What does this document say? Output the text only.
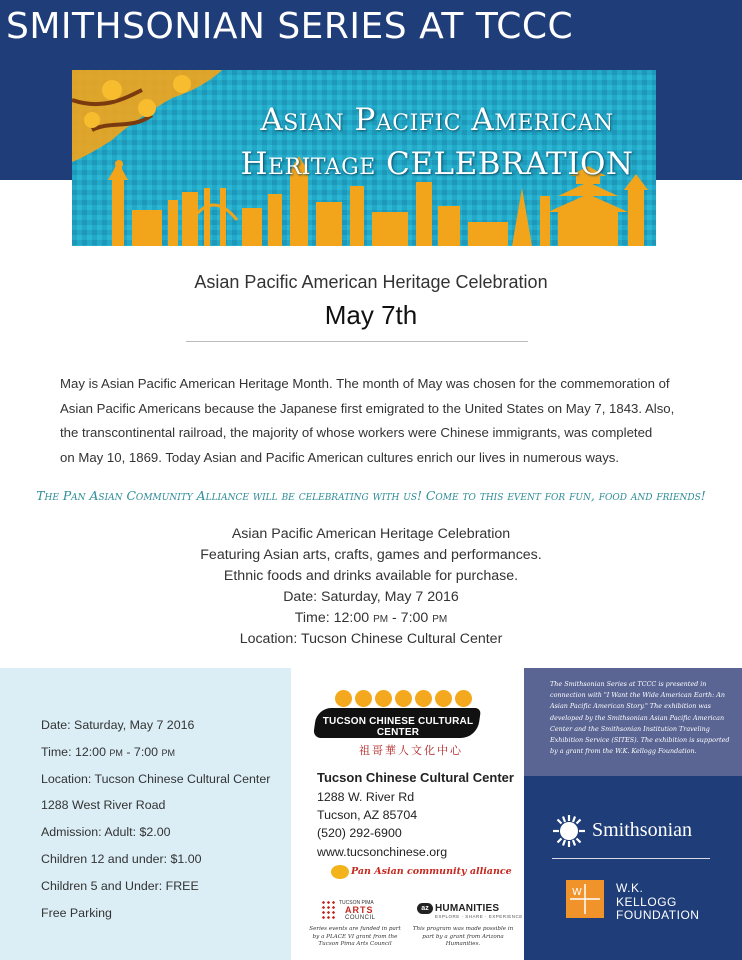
SMITHSONIAN SERIES AT TCCC
Asian Pacific American
Heritage CELEBRATION
Asian Pacific American Heritage Celebration
May 7th
May is Asian Pacific American Heritage Month. The month of May was chosen for the commemoration of
Asian Pacific Americans because the Japanese first emigrated to the United States on May 7, 1843. Also,
the transcontinental railroad, the majority of whose workers were Chinese immigrants, was completed
on May 10, 1869. Today Asian and Pacific American cultures enrich our lives in numerous ways.
The Pan Asian Community Alliance will be celebrating with us! Come to this event for fun, food and friends!
Asian Pacific American Heritage Celebration
Featuring Asian arts, crafts, games and performances.
Ethnic foods and drinks available for purchase.
Date: Saturday, May 7 2016
Time: 12:00 pm - 7:00 pm
Location: Tucson Chinese Cultural Center
Date: Saturday, May 7 2016
Time: 12:00 pm - 7:00 pm
Location: Tucson Chinese Cultural Center
1288 West River Road
Admission: Adult: $2.00
Children 12 and under: $1.00
Children 5 and Under: FREE
Free Parking
TUCSON CHINESE CULTURAL CENTER
祖哥華人文化中心
Tucson Chinese Cultural Center
1288 W. River Rd
Tucson, AZ 85704
(520) 292-6900
www.tucsonchinese.org
Pan Asian community alliance
TUCSON PIMA
ARTS
COUNCIL
az HUMANITIES
EXPLORE · SHARE · EXPERIENCE
Series events are funded in part by a PLACE VI grant from the Tucson Pima Arts Council
This program was made possible in part by a grant from Arizona Humanities.
The Smithsonian Series at TCCC is presented in connection with "I Want the Wide American Earth: An Asian Pacific American Story." The exhibition was developed by the Smithsonian Asian Pacific American Center and the Smithsonian Institution Traveling Exhibition Service (SITES). The exhibition is supported by a grant from the W.K. Kellogg Foundation.
Smithsonian
W	W.K.
KELLOGG
FOUNDATION
